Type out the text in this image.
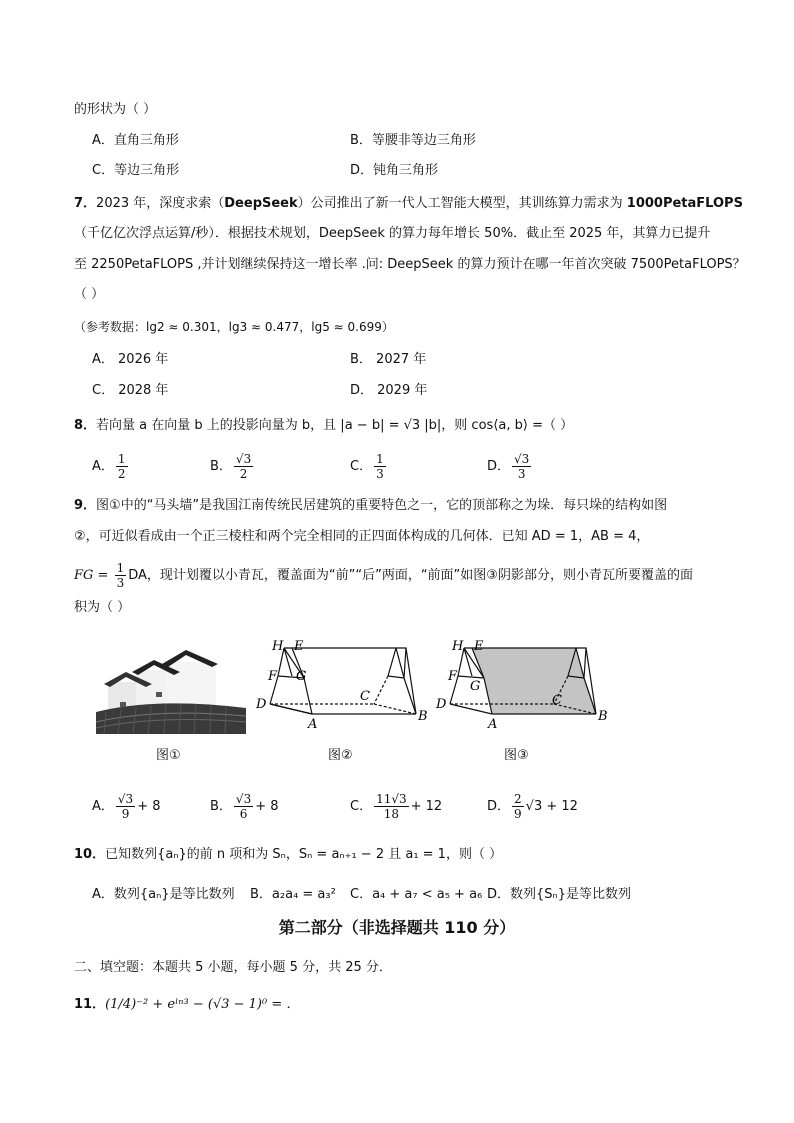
的形状为（ ）
A．直角三角形	B．等腰非等边三角形
C．等边三角形	D．钝角三角形
7．2023 年，深度求索（DeepSeek）公司推出了新一代人工智能大模型，其训练算力需求为 1000PetaFLOPS
（千亿亿次浮点运算/秒）．根据技术规划，DeepSeek 的算力每年增长 50%．截止至 2025 年，其算力已提升
至 2250PetaFLOPS ,并计划继续保持这一增长率 .问: DeepSeek 的算力预计在哪一年首次突破 7500PetaFLOPS？
（ ）
（参考数据：lg2 ≈ 0.301，lg3 ≈ 0.477，lg5 ≈ 0.699）
A． 2026 年	B． 2027 年
C． 2028 年	D． 2029 年
8．若向量 a 在向量 b 上的投影向量为 b，且 |a − b| = √3 |b|，则 cos⟨a, b⟩ =（ ）
A． $\frac{1}{2}$	B． $\frac{√3}{2}$	C． $\frac{1}{3}$	D． $\frac{√3}{3}$
9．图①中的“马头墙”是我国江南传统民居建筑的重要特色之一，它的顶部称之为垛．每只垛的结构如图
②，可近似看成由一个正三棱柱和两个完全相同的正四面体构成的几何体．已知 AD = 1，AB = 4，
FG = $\frac{1}{3}$ DA，现计划覆以小青瓦，覆盖面为“前”“后”两面，“前面”如图③阴影部分，则小青瓦所要覆盖的面
积为（ ）
图①
H E
F G
D
A
C
B
图②
H E
F
G
D
A
C
B
图③
A． $\frac{√3}{9} + 8$	B． $\frac{√3}{6} + 8$	C． $\frac{11√3}{18} + 12$	D． $\frac{2}{9} √3 + 12$
10．已知数列{aₙ}的前 n 项和为 Sₙ，Sₙ = aₙ₊₁ − 2 且 a₁ = 1，则（ ）
A．数列{aₙ}是等比数列 B．a₂a₄ = a₃² C．a₄ + a₇ < a₅ + a₆ D．数列{Sₙ}是等比数列
第二部分（非选择题共 110 分）
二、填空题：本题共 5 小题，每小题 5 分，共 25 分．
11．(1/4)⁻² + eˡⁿ³ − (√3 − 1)⁰ = ．
